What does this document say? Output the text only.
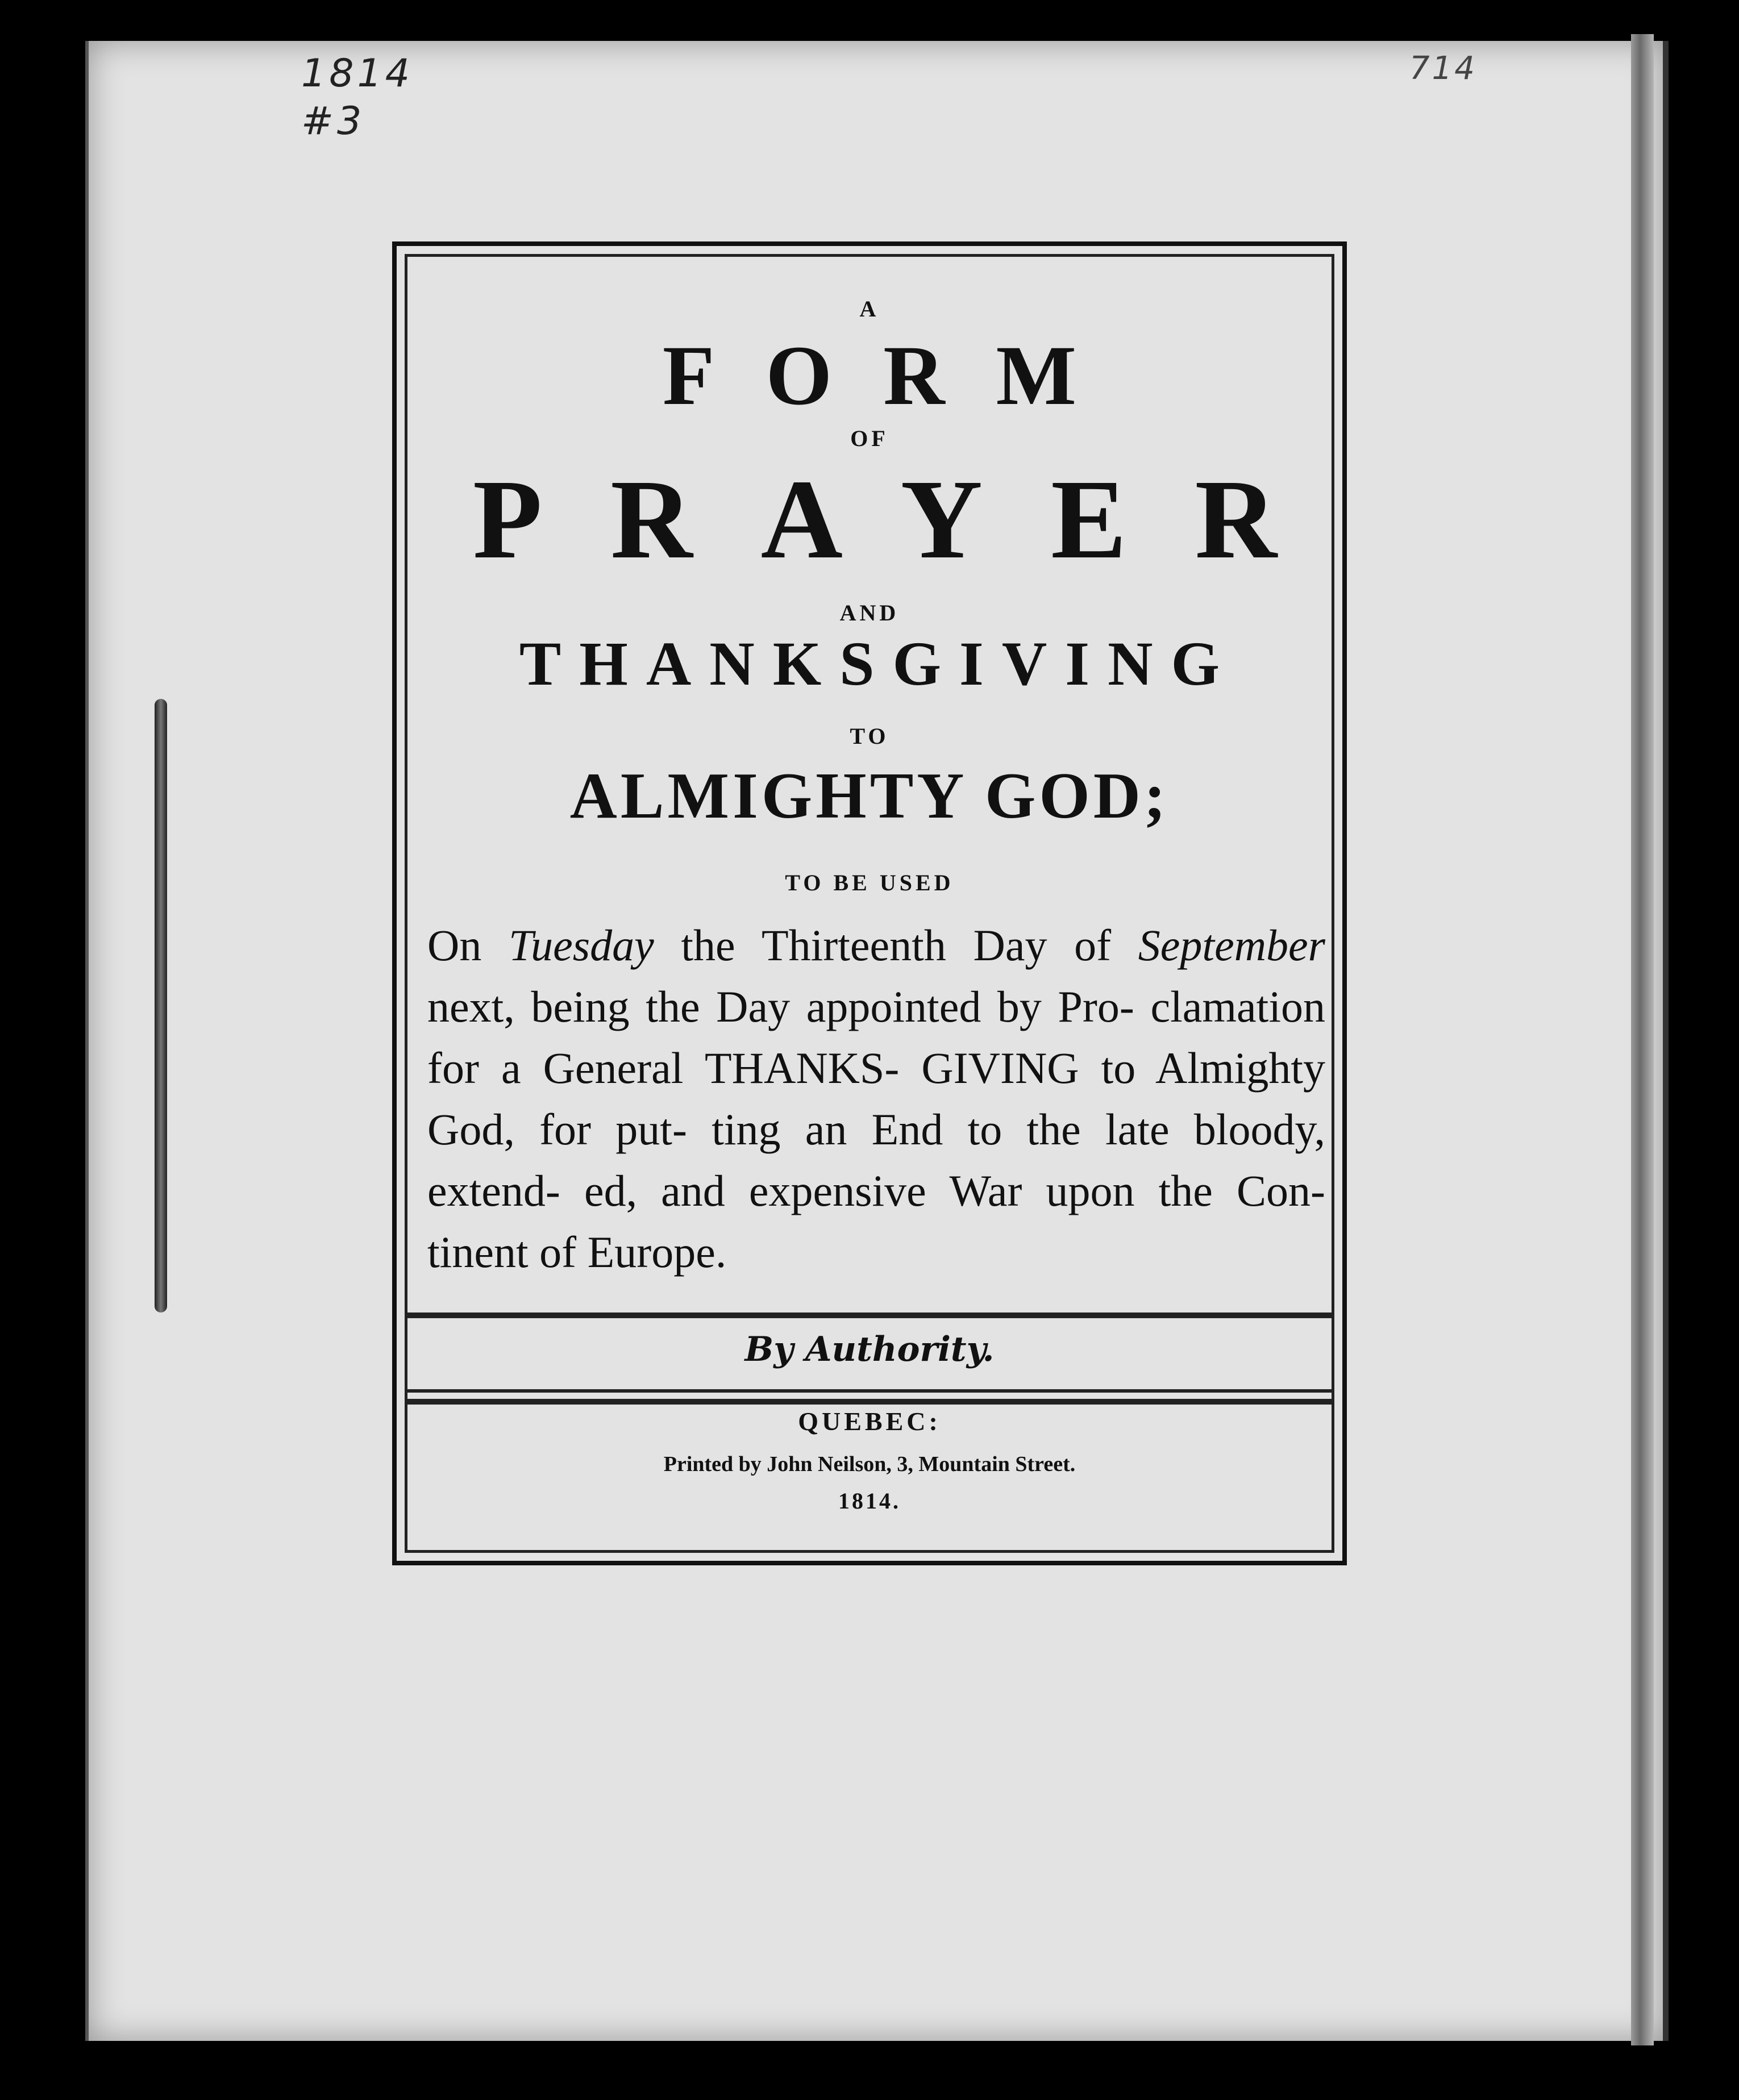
1814
#3
714
A
FORM
OF
PRAYER
AND
THANKSGIVING
TO
ALMIGHTY GOD;
TO BE USED
On Tuesday the Thirteenth Day of September next, being the Day appointed by Pro- clamation for a General THANKS- GIVING to Almighty God, for put- ting an End to the late bloody, extend- ed, and expensive War upon the Con- tinent of Europe.
By Authority.
QUEBEC:
Printed by John Neilson, 3, Mountain Street.
1814.
